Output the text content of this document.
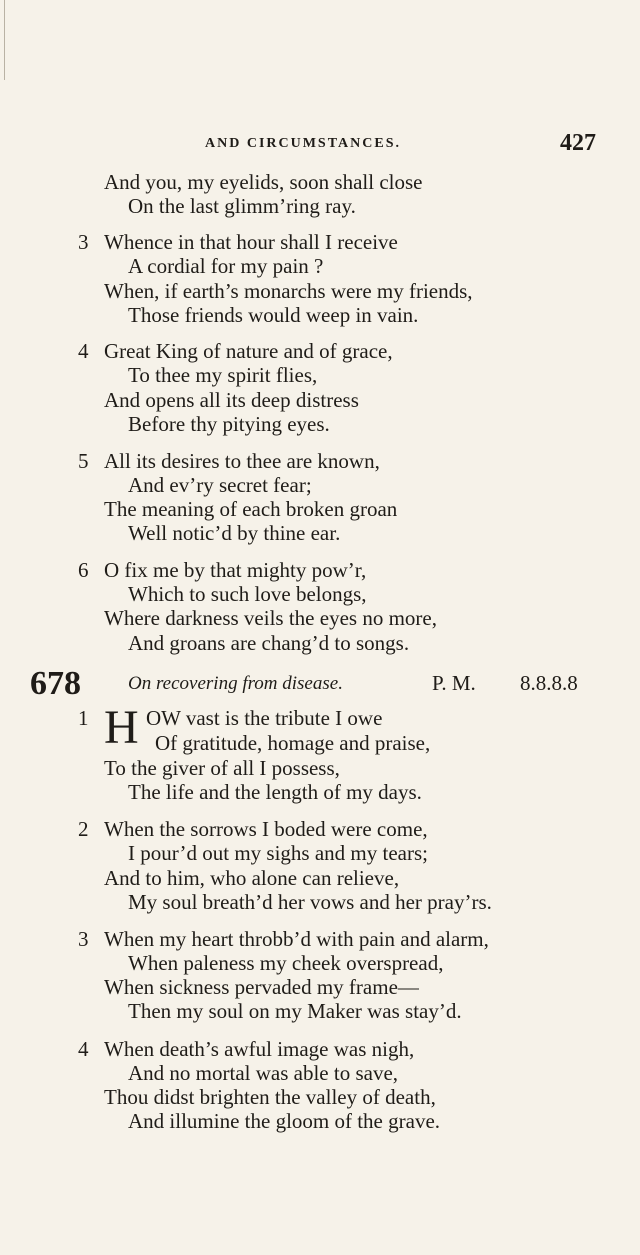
AND CIRCUMSTANCES.	427
And you, my eyelids, soon shall close
On the last glimm’ring ray.
3 Whence in that hour shall I receive
A cordial for my pain ?
When, if earth’s monarchs were my friends,
Those friends would weep in vain.
4 Great King of nature and of grace,
To thee my spirit flies,
And opens all its deep distress
Before thy pitying eyes.
5 All its desires to thee are known,
And ev’ry secret fear;
The meaning of each broken groan
Well notic’d by thine ear.
6 O fix me by that mighty pow’r,
Which to such love belongs,
Where darkness veils the eyes no more,
And groans are chang’d to songs.
678 On recovering from disease.	P. M. 8.8.8.8
1 H OW vast is the tribute I owe
Of gratitude, homage and praise,
To the giver of all I possess,
The life and the length of my days.
2 When the sorrows I boded were come,
I pour’d out my sighs and my tears;
And to him, who alone can relieve,
My soul breath’d her vows and her pray’rs.
3 When my heart throbb’d with pain and alarm,
When paleness my cheek overspread,
When sickness pervaded my frame—
Then my soul on my Maker was stay’d.
4 When death’s awful image was nigh,
And no mortal was able to save,
Thou didst brighten the valley of death,
And illumine the gloom of the grave.
